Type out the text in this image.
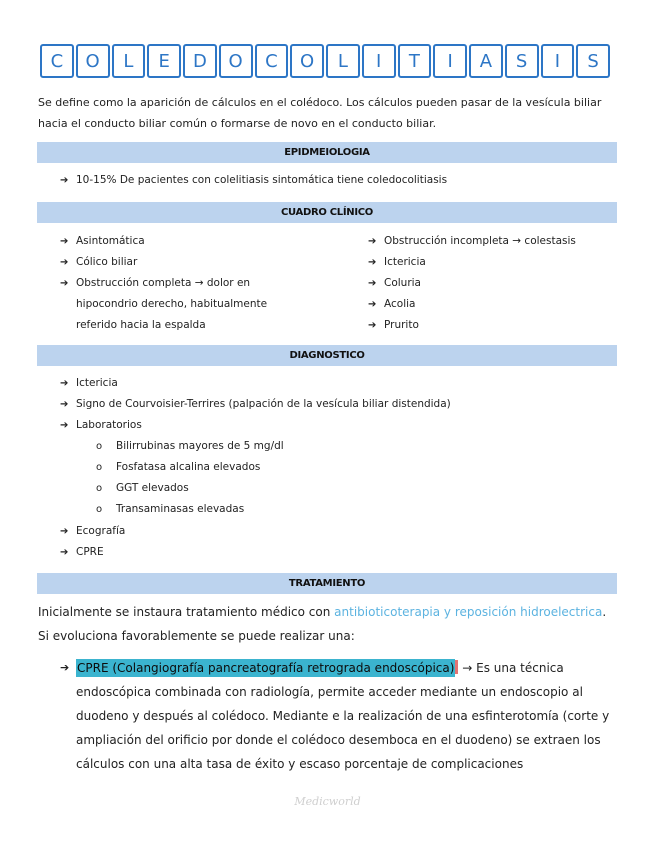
C	O	L	E	D	O	C	O	L	I	T	I	A	S	I	S
Se define como la aparición de cálculos en el colédoco. Los cálculos pueden pasar de la vesícula biliar hacia el conducto biliar común o formarse de novo en el conducto biliar.
EPIDMEIOLOGIA
➔ 10-15% De pacientes con colelitiasis sintomática tiene coledocolitiasis
CUADRO CLÍNICO
➔ Asintomática
➔ Cólico biliar
➔ Obstrucción completa → dolor en hipocondrio derecho, habitualmente referido hacia la espalda
➔ Obstrucción incompleta → colestasis
➔ Ictericia
➔ Coluria
➔ Acolia
➔ Prurito
DIAGNOSTICO
➔ Ictericia
➔ Signo de Courvoisier-Terrires (palpación de la vesícula biliar distendida)
➔ Laboratorios
o Bilirrubinas mayores de 5 mg/dl
o Fosfatasa alcalina elevados
o GGT elevados
o Transaminasas elevadas
➔ Ecografía
➔ CPRE
TRATAMIENTO
Inicialmente se instaura tratamiento médico con antibioticoterapia y reposición hidroelectrica. Si evoluciona favorablemente se puede realizar una:
➔ CPRE (Colangiografía pancreatografía retrograda endoscópica) → Es una técnica endoscópica combinada con radiología, permite acceder mediante un endoscopio al duodeno y después al colédoco. Mediante e la realización de una esfinterotomía (corte y ampliación del orificio por donde el colédoco desemboca en el duodeno) se extraen los cálculos con una alta tasa de éxito y escaso porcentaje de complicaciones
Medicworld
